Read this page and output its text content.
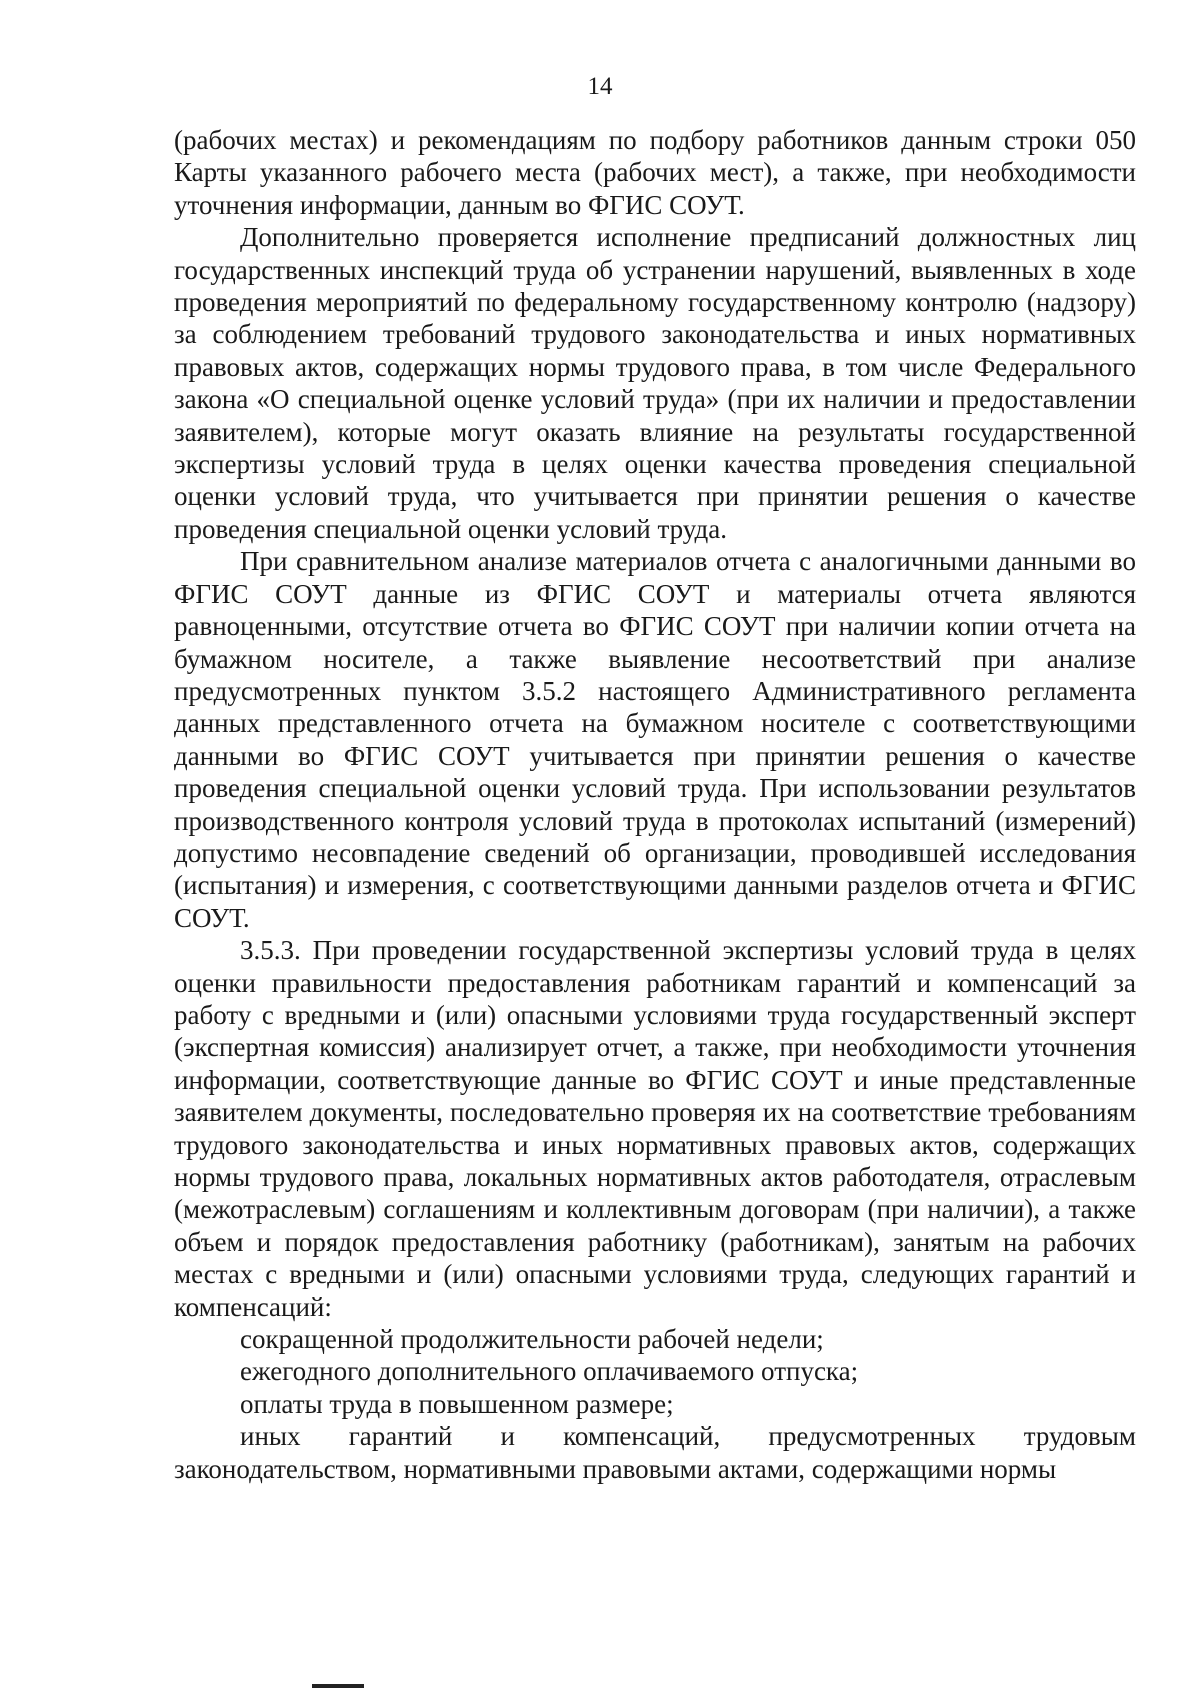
14

(рабочих местах) и рекомендациям по подбору работников данным строки 050 Карты указанного рабочего места (рабочих мест), а также, при необходимости уточнения информации, данным во ФГИС СОУТ.

Дополнительно проверяется исполнение предписаний должностных лиц государственных инспекций труда об устранении нарушений, выявленных в ходе проведения мероприятий по федеральному государственному контролю (надзору) за соблюдением требований трудового законодательства и иных нормативных правовых актов, содержащих нормы трудового права, в том числе Федерального закона «О специальной оценке условий труда» (при их наличии и предоставлении заявителем), которые могут оказать влияние на результаты государственной экспертизы условий труда в целях оценки качества проведения специальной оценки условий труда, что учитывается при принятии решения о качестве проведения специальной оценки условий труда.

При сравнительном анализе материалов отчета с аналогичными данными во ФГИС СОУТ данные из ФГИС СОУТ и материалы отчета являются равноценными, отсутствие отчета во ФГИС СОУТ при наличии копии отчета на бумажном носителе, а также выявление несоответствий при анализе предусмотренных пунктом 3.5.2 настоящего Административного регламента данных представленного отчета на бумажном носителе с соответствующими данными во ФГИС СОУТ учитывается при принятии решения о качестве проведения специальной оценки условий труда. При использовании результатов производственного контроля условий труда в протоколах испытаний (измерений) допустимо несовпадение сведений об организации, проводившей исследования (испытания) и измерения, с соответствующими данными разделов отчета и ФГИС СОУТ.

3.5.3. При проведении государственной экспертизы условий труда в целях оценки правильности предоставления работникам гарантий и компенсаций за работу с вредными и (или) опасными условиями труда государственный эксперт (экспертная комиссия) анализирует отчет, а также, при необходимости уточнения информации, соответствующие данные во ФГИС СОУТ и иные представленные заявителем документы, последовательно проверяя их на соответствие требованиям трудового законодательства и иных нормативных правовых актов, содержащих нормы трудового права, локальных нормативных актов работодателя, отраслевым (межотраслевым) соглашениям и коллективным договорам (при наличии), а также объем и порядок предоставления работнику (работникам), занятым на рабочих местах с вредными и (или) опасными условиями труда, следующих гарантий и компенсаций:

сокращенной продолжительности рабочей недели;

ежегодного дополнительного оплачиваемого отпуска;

оплаты труда в повышенном размере;

иных гарантий и компенсаций, предусмотренных трудовым законодательством, нормативными правовыми актами, содержащими нормы
